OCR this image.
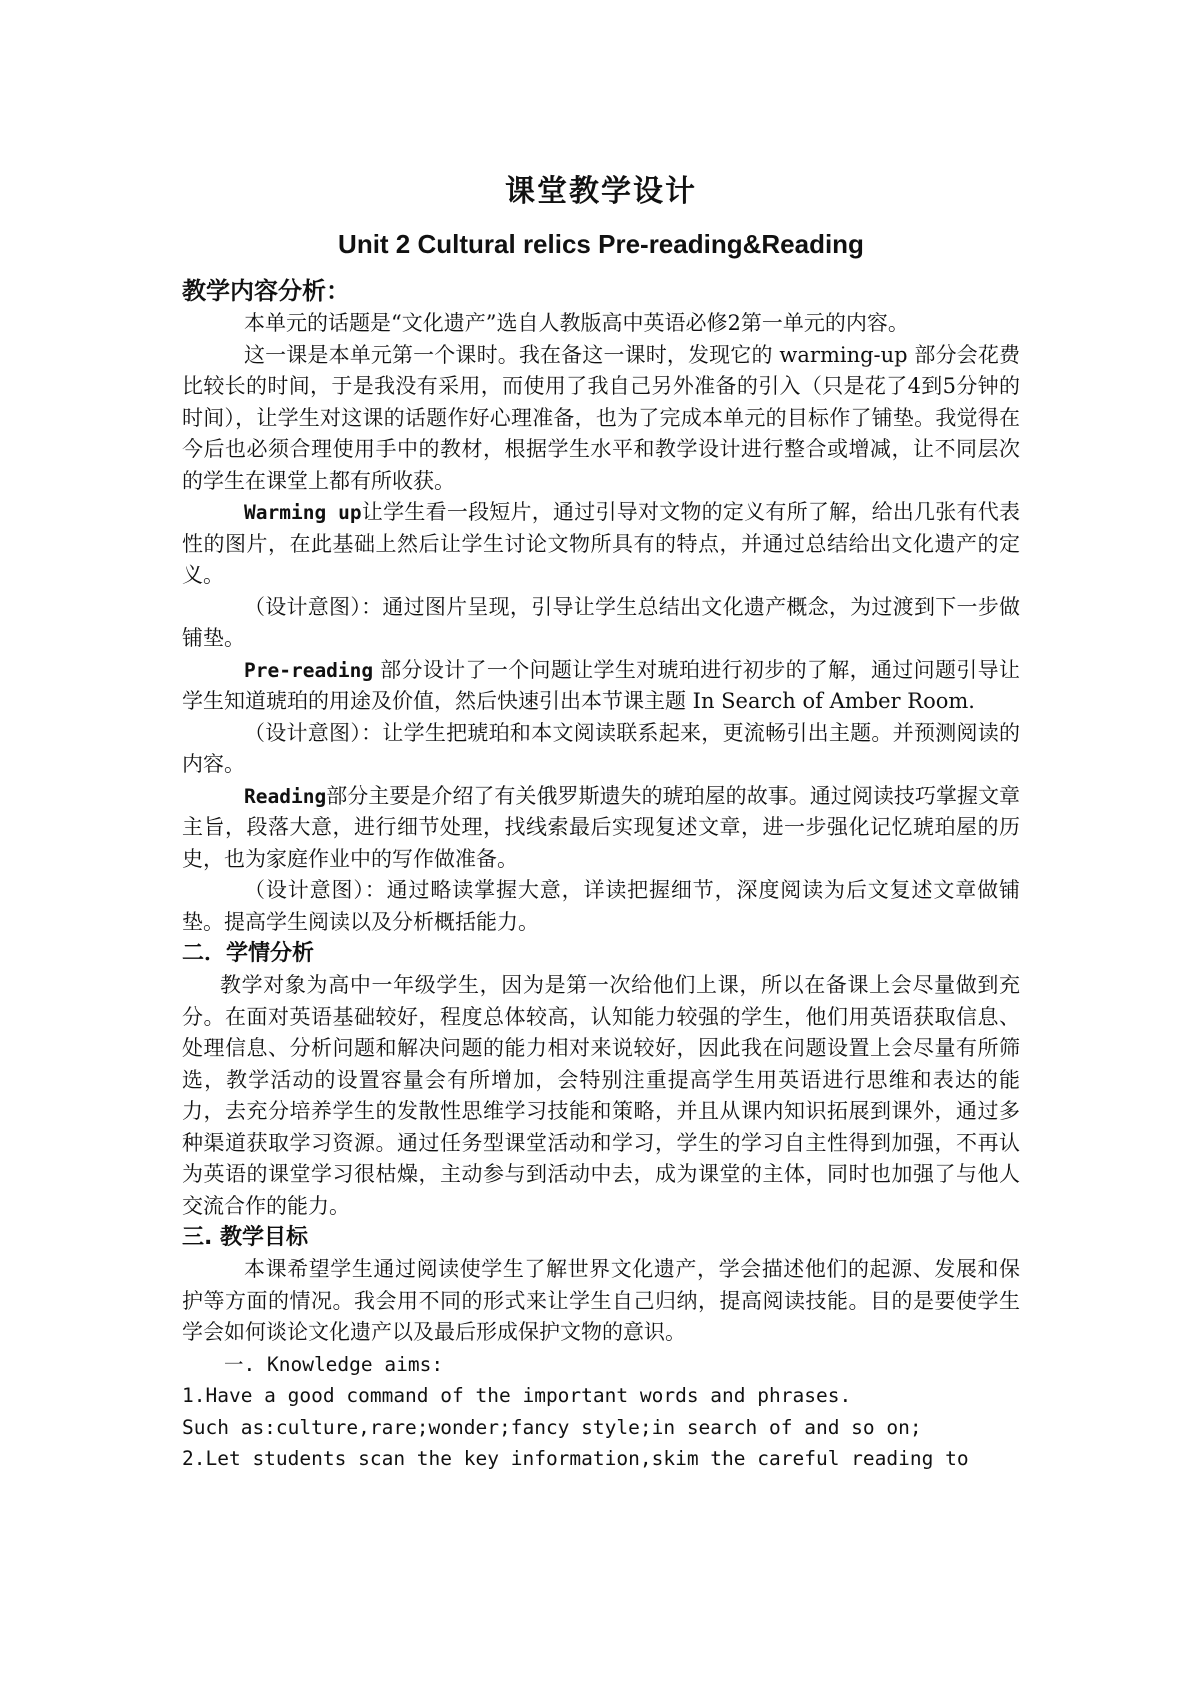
课堂教学设计
Unit 2 Cultural relics Pre-reading&Reading
教学内容分析：

本单元的话题是“文化遗产”选自人教版高中英语必修2第一单元的内容。

这一课是本单元第一个课时。我在备这一课时，发现它的 warming-up 部分会花费比较长的时间，于是我没有采用，而使用了我自己另外准备的引入（只是花了4到5分钟的时间），让学生对这课的话题作好心理准备，也为了完成本单元的目标作了铺垫。我觉得在今后也必须合理使用手中的教材，根据学生水平和教学设计进行整合或增减，让不同层次的学生在课堂上都有所收获。

Warming up让学生看一段短片，通过引导对文物的定义有所了解，给出几张有代表性的图片，在此基础上然后让学生讨论文物所具有的特点，并通过总结给出文化遗产的定义。

（设计意图）：通过图片呈现，引导让学生总结出文化遗产概念，为过渡到下一步做铺垫。

Pre-reading 部分设计了一个问题让学生对琥珀进行初步的了解，通过问题引导让学生知道琥珀的用途及价值，然后快速引出本节课主题 In Search of Amber Room.

（设计意图）：让学生把琥珀和本文阅读联系起来，更流畅引出主题。并预测阅读的内容。

Reading部分主要是介绍了有关俄罗斯遗失的琥珀屋的故事。通过阅读技巧掌握文章主旨，段落大意，进行细节处理，找线索最后实现复述文章，进一步强化记忆琥珀屋的历史，也为家庭作业中的写作做准备。

（设计意图）：通过略读掌握大意，详读把握细节，深度阅读为后文复述文章做铺垫。提高学生阅读以及分析概括能力。

二．学情分析

教学对象为高中一年级学生，因为是第一次给他们上课，所以在备课上会尽量做到充分。在面对英语基础较好，程度总体较高，认知能力较强的学生，他们用英语获取信息、处理信息、分析问题和解决问题的能力相对来说较好，因此我在问题设置上会尽量有所筛选，教学活动的设置容量会有所增加，会特别注重提高学生用英语进行思维和表达的能力，去充分培养学生的发散性思维学习技能和策略，并且从课内知识拓展到课外，通过多种渠道获取学习资源。通过任务型课堂活动和学习，学生的学习自主性得到加强，不再认为英语的课堂学习很枯燥，主动参与到活动中去，成为课堂的主体，同时也加强了与他人交流合作的能力。

三. 教学目标

本课希望学生通过阅读使学生了解世界文化遗产，学会描述他们的起源、发展和保护等方面的情况。我会用不同的形式来让学生自己归纳，提高阅读技能。目的是要使学生学会如何谈论文化遗产以及最后形成保护文物的意识。

一. Knowledge aims:

1.Have a good command of the important words and phrases.

Such as:culture,rare;wonder;fancy style;in search of and so on;

2.Let students scan the key information,skim the careful reading to
